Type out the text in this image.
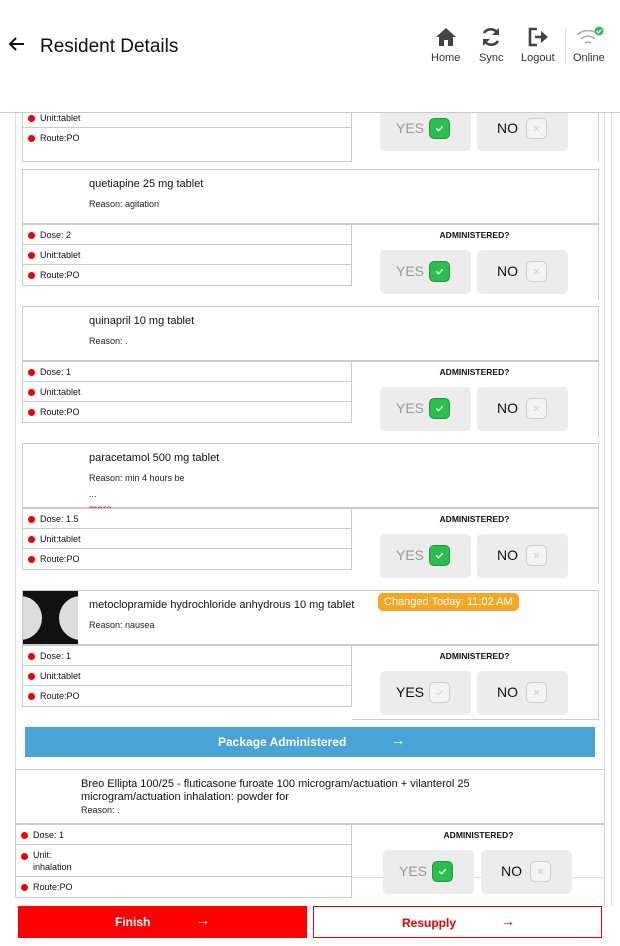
Resident Details
Home Sync Logout Online
Unit:tablet
Route:PO
YES	NO
quetiapine 25 mg tablet
Reason: agitation
Dose: 2
Unit:tablet
Route:PO
ADMINISTERED?
YES	NO
quinapril 10 mg tablet
Reason: .
Dose: 1
Unit:tablet
Route:PO
ADMINISTERED?
YES	NO
paracetamol 500 mg tablet
Reason: min 4 hours be
...
Dose: 1.5
Unit:tablet
Route:PO
ADMINISTERED?
YES	NO
metoclopramide hydrochloride anhydrous 10 mg tablet
Reason: nausea
Changed Today: 11:02 AM
Dose: 1
Unit:tablet
Route:PO
ADMINISTERED?
YES	NO
Package Administered	→
Breo Ellipta 100/25 - fluticasone furoate 100 microgram/actuation + vilanterol 25
microgram/actuation inhalation: powder for
Reason: .
Dose: 1
Unit:
inhalation
Route:PO
ADMINISTERED?
YES	NO
Finish	→	Resupply	→
